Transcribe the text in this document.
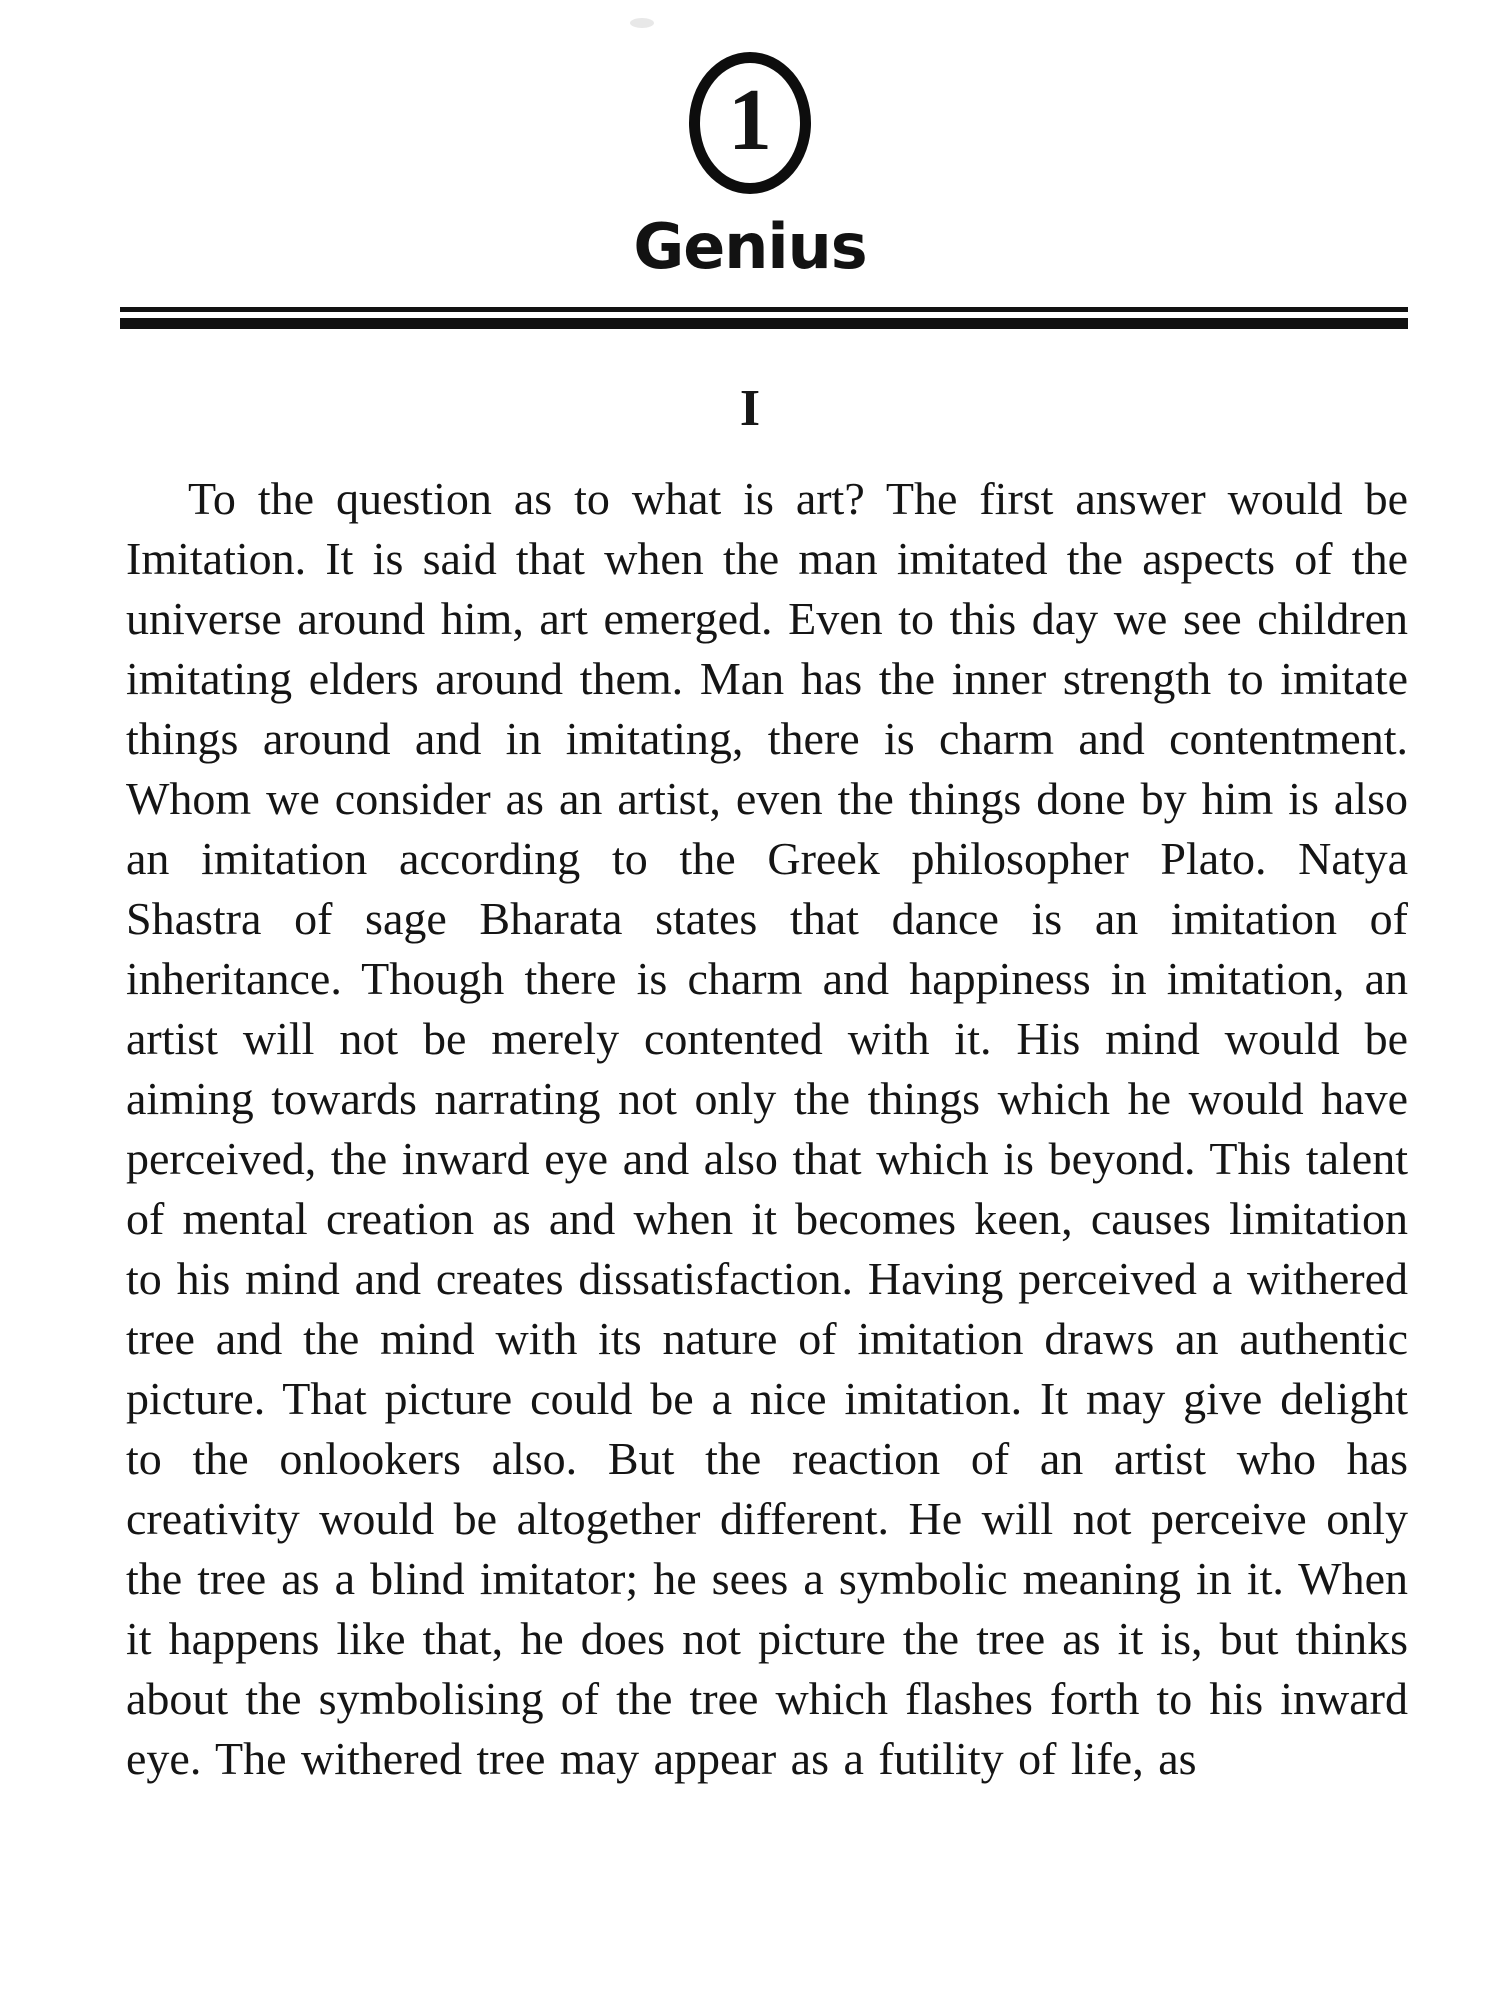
1
Genius
I

To the question as to what is art? The first answer would be Imitation. It is said that when the man imitated the aspects of the universe around him, art emerged. Even to this day we see children imitating elders around them. Man has the inner strength to imitate things around and in imitating, there is charm and contentment. Whom we consider as an artist, even the things done by him is also an imitation according to the Greek philosopher Plato. Natya Shastra of sage Bharata states that dance is an imitation of inheritance. Though there is charm and happiness in imitation, an artist will not be merely contented with it. His mind would be aiming towards narrating not only the things which he would have perceived, the inward eye and also that which is beyond. This talent of mental creation as and when it becomes keen, causes limitation to his mind and creates dissatisfaction. Having perceived a withered tree and the mind with its nature of imitation draws an authentic picture. That picture could be a nice imitation. It may give delight to the onlookers also. But the reaction of an artist who has creativity would be altogether different. He will not perceive only the tree as a blind imitator; he sees a symbolic meaning in it. When it happens like that, he does not picture the tree as it is, but thinks about the symbolising of the tree which flashes forth to his inward eye. The withered tree may appear as a futility of life, as
